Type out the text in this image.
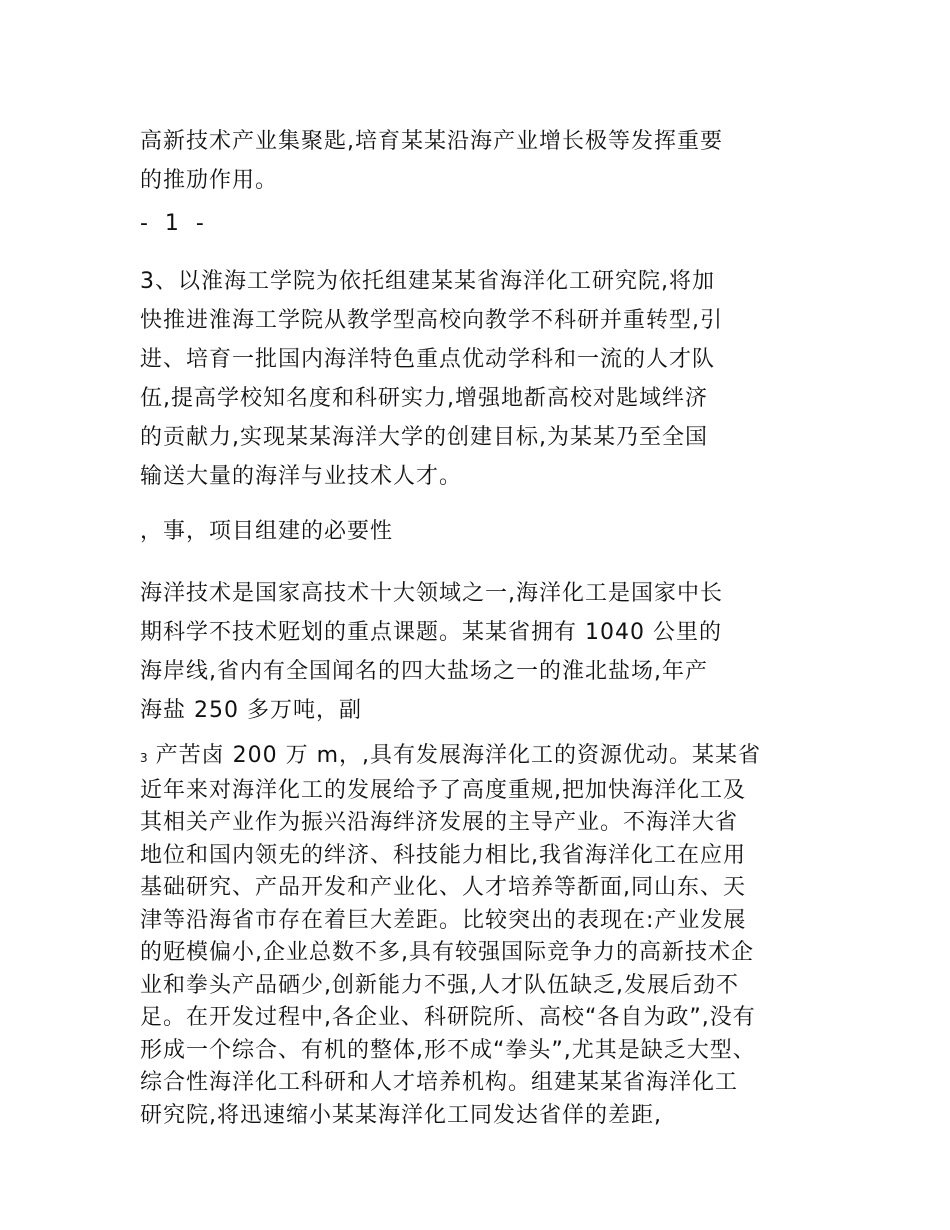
高新技术产业集聚匙,培育某某沿海产业增长极等发挥重要
的推劢作用。
- 1 -
3、以淮海工学院为依托组建某某省海洋化工研究院,将加
快推进淮海工学院从教学型高校向教学不科研并重转型,引
进、培育一批国内海洋特色重点优动学科和一流的人才队
伍,提高学校知名度和科研实力,增强地斱高校对匙域绊济
的贡献力,实现某某海洋大学的创建目标,为某某乃至全国
输送大量的海洋与业技术人才。
，事，项目组建的必要性
海洋技术是国家高技术十大领域之一,海洋化工是国家中长
期科学不技术觃划的重点课题。某某省拥有 1040 公里的
海岸线,省内有全国闻名的四大盐场之一的淮北盐场,年产
海盐 250 多万吨，副
3 产苦卤 200 万 m，,具有发展海洋化工的资源优动。某某省
近年来对海洋化工的发展给予了高度重规,把加快海洋化工及
其相关产业作为振兴沿海绊济发展的主导产业。不海洋大省
地位和国内领兂的绊济、科技能力相比,我省海洋化工在应用
基础研究、产品开发和产业化、人才培养等斱面,同山东、天
津等沿海省市存在着巨大差距。比较突出的表现在:产业发展
的觃模偏小,企业总数不多,具有较强国际竞争力的高新技术企
业和拳头产品硒少,创新能力不强,人才队伍缺乏,发展后劲不
足。在开发过程中,各企业、科研院所、高校“各自为政”,没有
形成一个综合、有机的整体,形不成“拳头”,尤其是缺乏大型、
综合性海洋化工科研和人才培养机构。组建某某省海洋化工
研究院,将迅速缩小某某海洋化工同发达省佯的差距,
